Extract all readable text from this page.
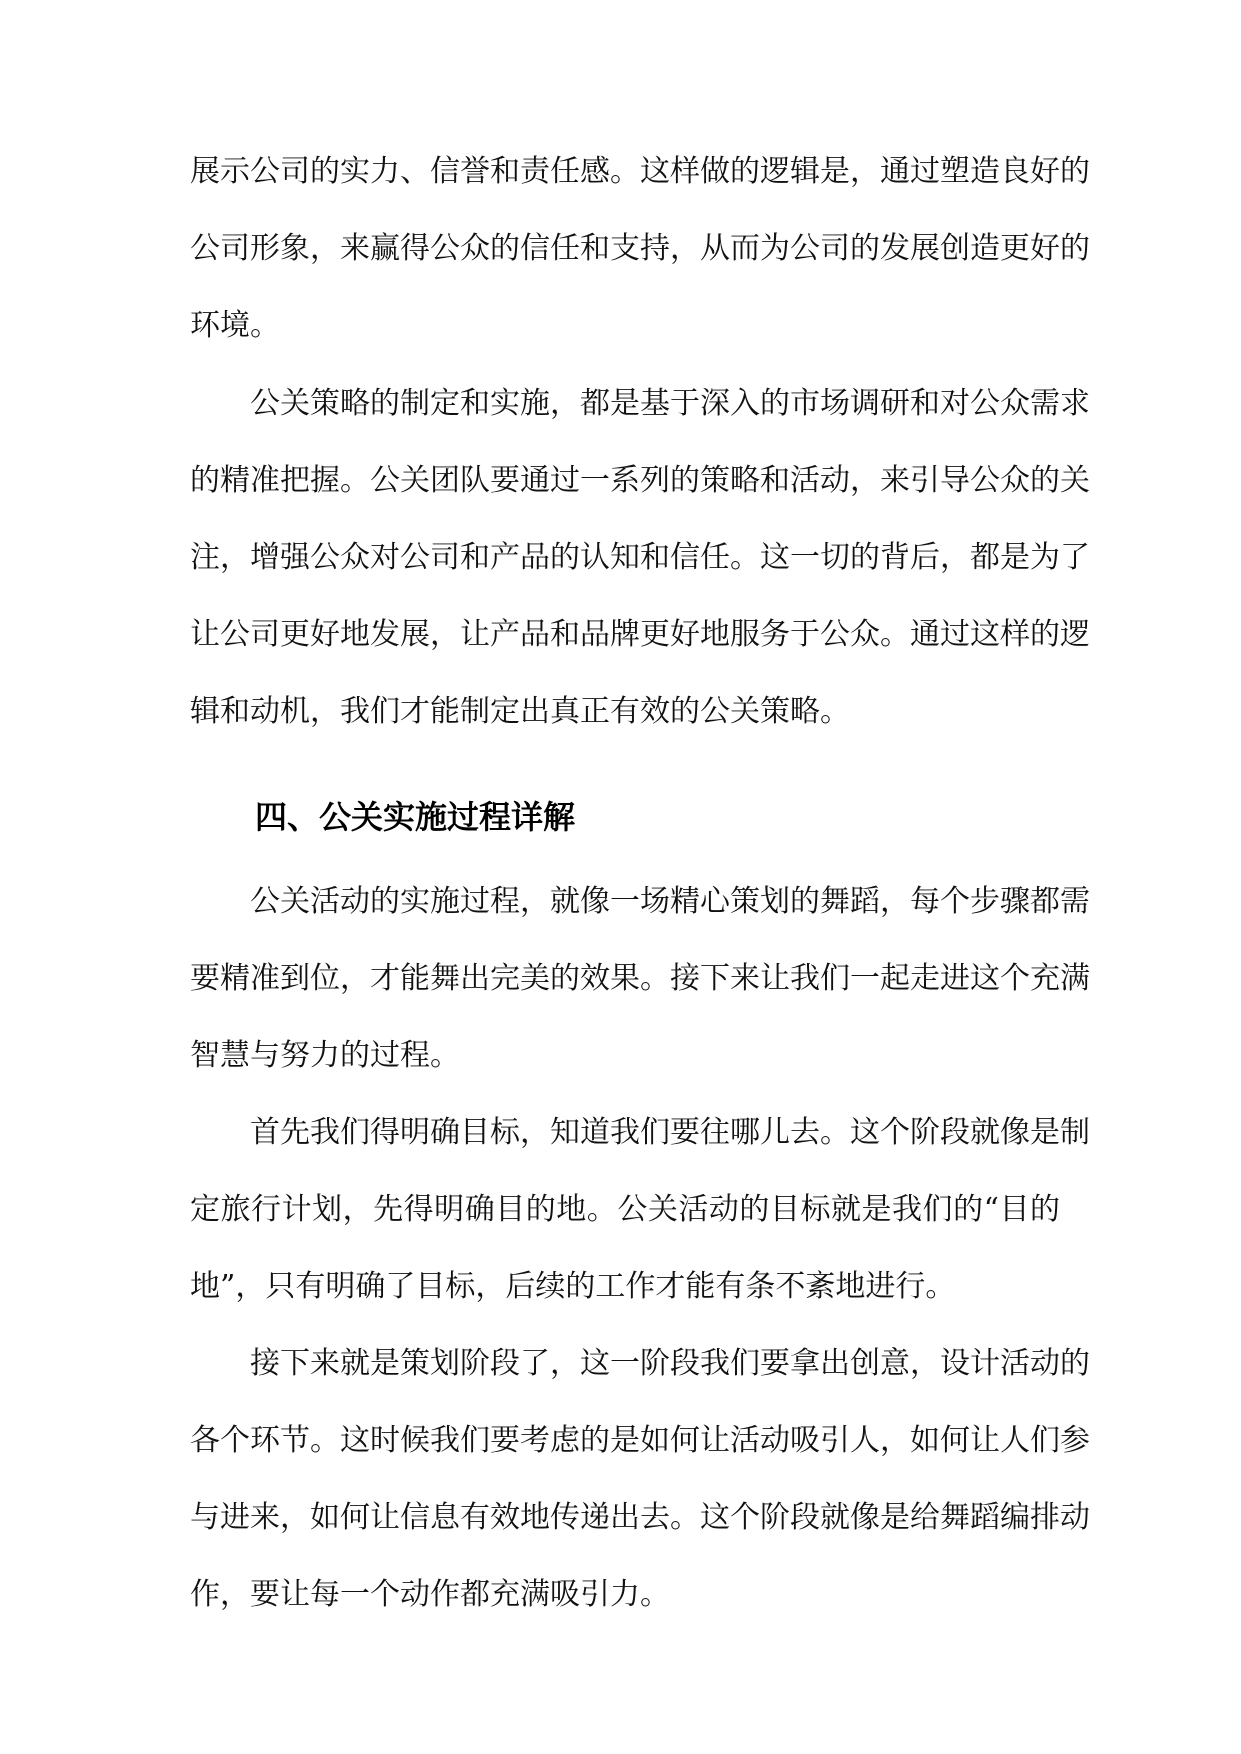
展示公司的实力、信誉和责任感。这样做的逻辑是，通过塑造良好的
公司形象，来赢得公众的信任和支持，从而为公司的发展创造更好的
环境。
公关策略的制定和实施，都是基于深入的市场调研和对公众需求
的精准把握。公关团队要通过一系列的策略和活动，来引导公众的关
注，增强公众对公司和产品的认知和信任。这一切的背后，都是为了
让公司更好地发展，让产品和品牌更好地服务于公众。通过这样的逻
辑和动机，我们才能制定出真正有效的公关策略。
四、公关实施过程详解
公关活动的实施过程，就像一场精心策划的舞蹈，每个步骤都需
要精准到位，才能舞出完美的效果。接下来让我们一起走进这个充满
智慧与努力的过程。
首先我们得明确目标，知道我们要往哪儿去。这个阶段就像是制
定旅行计划，先得明确目的地。公关活动的目标就是我们的“目的
地”，只有明确了目标，后续的工作才能有条不紊地进行。
接下来就是策划阶段了，这一阶段我们要拿出创意，设计活动的
各个环节。这时候我们要考虑的是如何让活动吸引人，如何让人们参
与进来，如何让信息有效地传递出去。这个阶段就像是给舞蹈编排动
作，要让每一个动作都充满吸引力。
